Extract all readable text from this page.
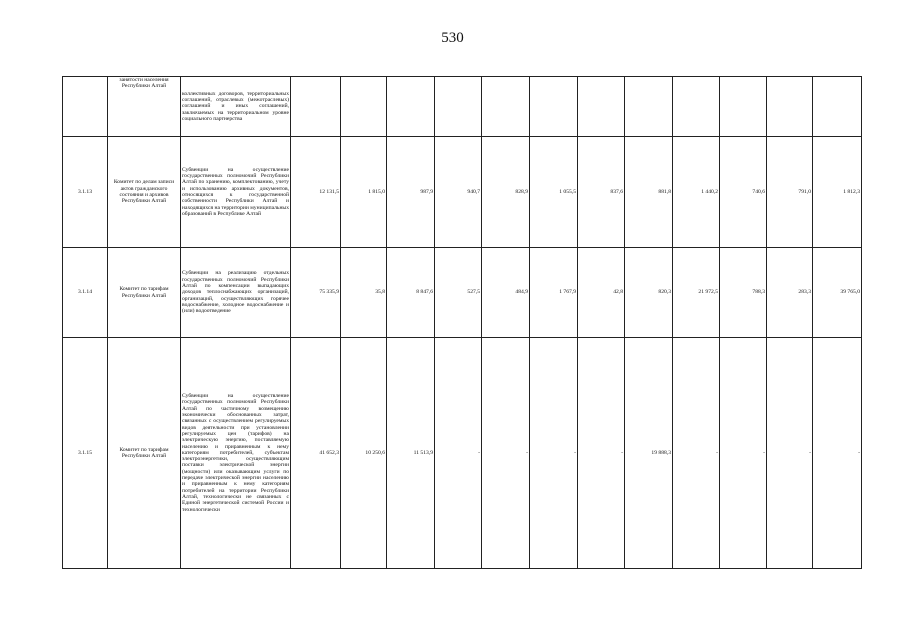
530
	занятости населения Республики Алтай	коллективных договоров, территориальных соглашений, отраслевых (межотраслевых) соглашений и иных соглашений, заключаемых на территориальном уровне социального партнерства												
3.1.13	Комитет по делам записи актов гражданского состояния и архивов Республики Алтай	Субвенции на осуществление государственных полномочий Республики Алтай по хранению, комплектованию, учету и использованию архивных документов, относящихся к государственной собственности Республики Алтай и находящихся на территории муниципальных образований в Республике Алтай	12 131,5	1 815,0	987,9	940,7	828,9	1 055,5	837,6	881,8	1 440,2	740,6	791,0	1 812,3
3.1.14	Комитет по тарифам Республики Алтай	Субвенции на реализацию отдельных государственных полномочий Республики Алтай по компенсации выпадающих доходов теплоснабжающих организаций, организаций, осуществляющих горячее водоснабжение, холодное водоснабжение и (или) водоотведение	75 335,9	35,8	8 847,6	527,5	484,9	1 767,9	42,8	820,3	21 972,5	788,3	283,3	39 765,0
3.1.15	Комитет по тарифам Республики Алтай	Субвенции на осуществление государственных полномочий Республики Алтай по частичному возмещению экономически обоснованных затрат, связанных с осуществлением регулируемых видов деятельности при установлении регулируемых цен (тарифов) на электрическую энергию, поставляемую населению и приравненным к нему категориям потребителей, субъектам электроэнергетики, осуществляющим поставки электрической энергии (мощности) или оказывающим услуги по передаче электрической энергии населению и приравненным к нему категориям потребителей на территории Республики Алтай, технологически не связанных с Единой энергетической системой России и технологически	41 652,3	10 250,6	11 513,9	-	-	-	-	19 888,3	-	-	-	-
